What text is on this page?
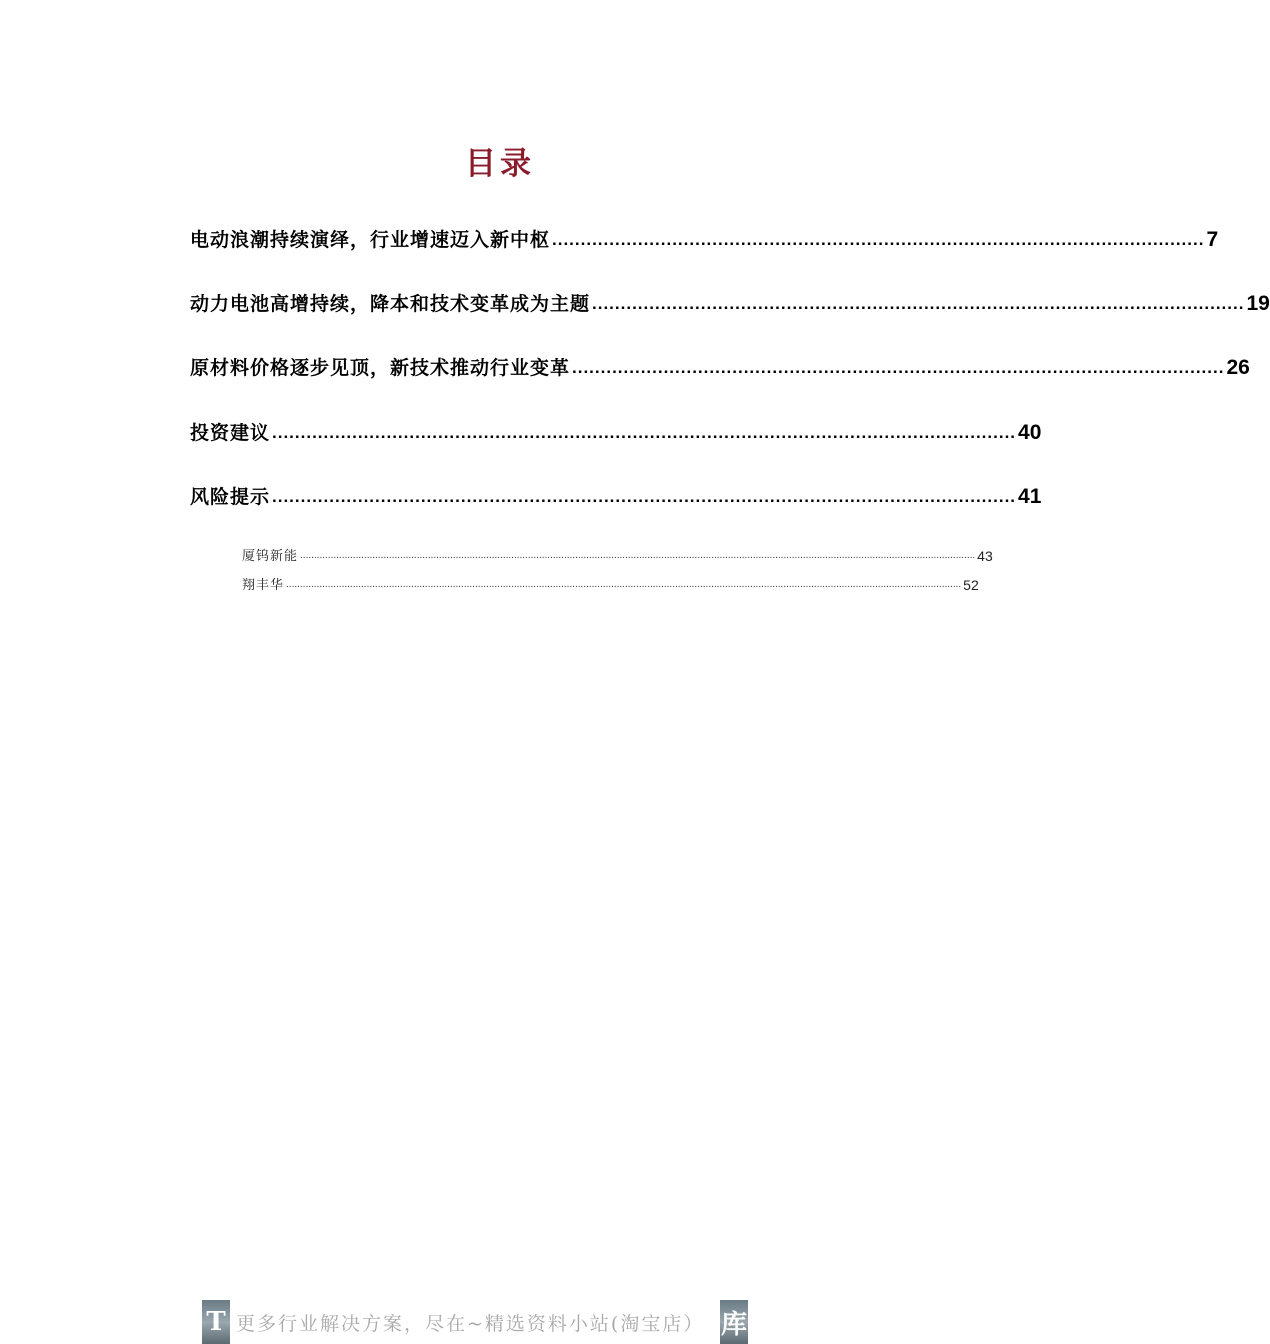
目录
电动浪潮持续演绎，行业增速迈入新中枢 .................................................................................................................. 7
动力电池高增持续，降本和技术变革成为主题 .................................................................................................................. 19
原材料价格逐步见顶，新技术推动行业变革 .................................................................................................................. 26
投资建议 .................................................................................................................................. 40
风险提示 .................................................................................................................................. 41
厦钨新能 ................................................................................................................................................................................................................................................... 43
翔丰华 ................................................................................................................................................................................................................................................... 52
T 更多行业解决方案，尽在~精选资料小站(淘宝店） 库
